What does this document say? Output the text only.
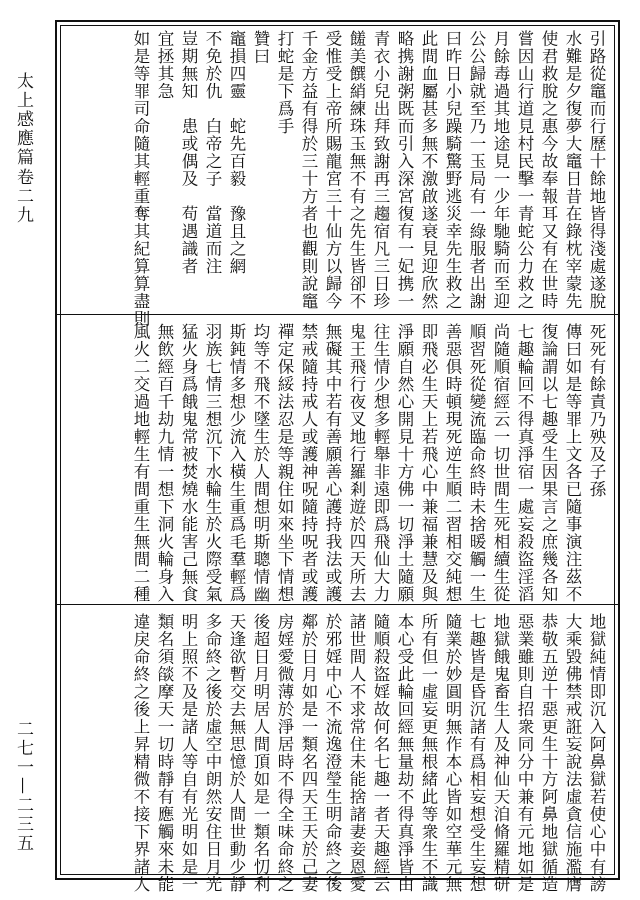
太上感應篇
卷二九
二七一—二三五
引路從竈而行歷十餘地皆得淺處遂脫
水難是夕復夢大竈日昔在錄枕宰蒙先
使君救脫之惠今故奉報耳又有在世時
嘗因山行道見村民擊一青蛇公力救之
月餘毒過其地途見一少年馳騎而至迎
公公歸就至乃一玉局有一綠服者出謝
曰昨日小兒躁騎驚野逃災幸先生救之
此間血屬甚多無不激啟遂衰見迎欣然
略携謝粥既而引入深宮復有一妃携一
青衣小兒出拜致謝再三趨宿凡三日珍
饈美饌綃練珠玉無不有之先生皆卻不
受惟受上帝所賜龍宮三十仙方以歸今
千金方益有得於三十方者也觀則說竈
打蛇是下爲手
贊曰
竈損四靈　蛇先百毅　豫且之網
不免於仇　白帝之子　當道而注
豈期無知　患或偶及　苟遇識者
宜拯其急
如是等罪司命隨其輕重奪其紀算算盡則
死死有餘責乃殃及子孫
傳曰如是等罪上文各已隨事演注茲不
復論謂以七趣受生因果言之庶幾各知
七趣輪回不得真淨宿一處妄殺盜淫滔
尚隨順宿經云一切世間生死相續生從
順習死從變流臨命終時未捨暖觸一生
善惡俱時頓現死逆生順二習相交純想
即飛必生天上若飛心中兼福兼慧及與
淨願自然心開見十方佛一切淨土隨願
往生情少想多輕舉非遠即爲飛仙大力
鬼王飛行夜叉地行羅剎遊於四天所去
無礙其中若有善願善心護持我法或護
禁戒隨持戒人或護神呪隨持呪者或護
禪定保綏法忍是等親住如來坐下情想
均等不飛不墜生於人間想明斯聰情幽
斯鈍情多想少流入橫生重爲毛羣輕爲
羽族七情三想沉下水輪生於火際受氣
猛火身爲餓鬼常被焚燒水能害己無食
無飲經百千劫九情一想下洞火輪身入
風火二交過地輕生有間重生無間二種
地獄純情即沉入阿鼻獄若使心中有謗
大乘毀佛禁戒誑妄說法虛貪信施濫膺
恭敬五逆十惡更生十方阿鼻地獄循造
惡業雖則自招衆同分中兼有元地如是
地獄餓鬼畜生人及神仙天洎脩羅精研
七趣皆是昏沉諸有爲相妄想受生妄想
隨業於妙圓明無作本心皆如空華元無
所有但一虛妄更無根緒此等衆生不識
本心受此輪回經無量劫不得真淨皆由
隨順殺盜婬故何名七趣一者天趣經云
諸世間人不求常住未能捨諸妻妾恩愛
於邪婬中心不流逸澄瑩生明命終之後
鄰於日月如是一類名四天王天於己妻
房婬愛微薄於淨居時不得全味命終之
後超日月明居人間頂如是一類名忉利
天逢欲暫交去無思憶於人間世動少靜
多命終之後於虛空中朗然安住日月光
明上照不及是諸人等自有光明如是一
類名須燄摩天一切時靜有應觸來未能
違戾命終之後上昇精微不接下界諸人
